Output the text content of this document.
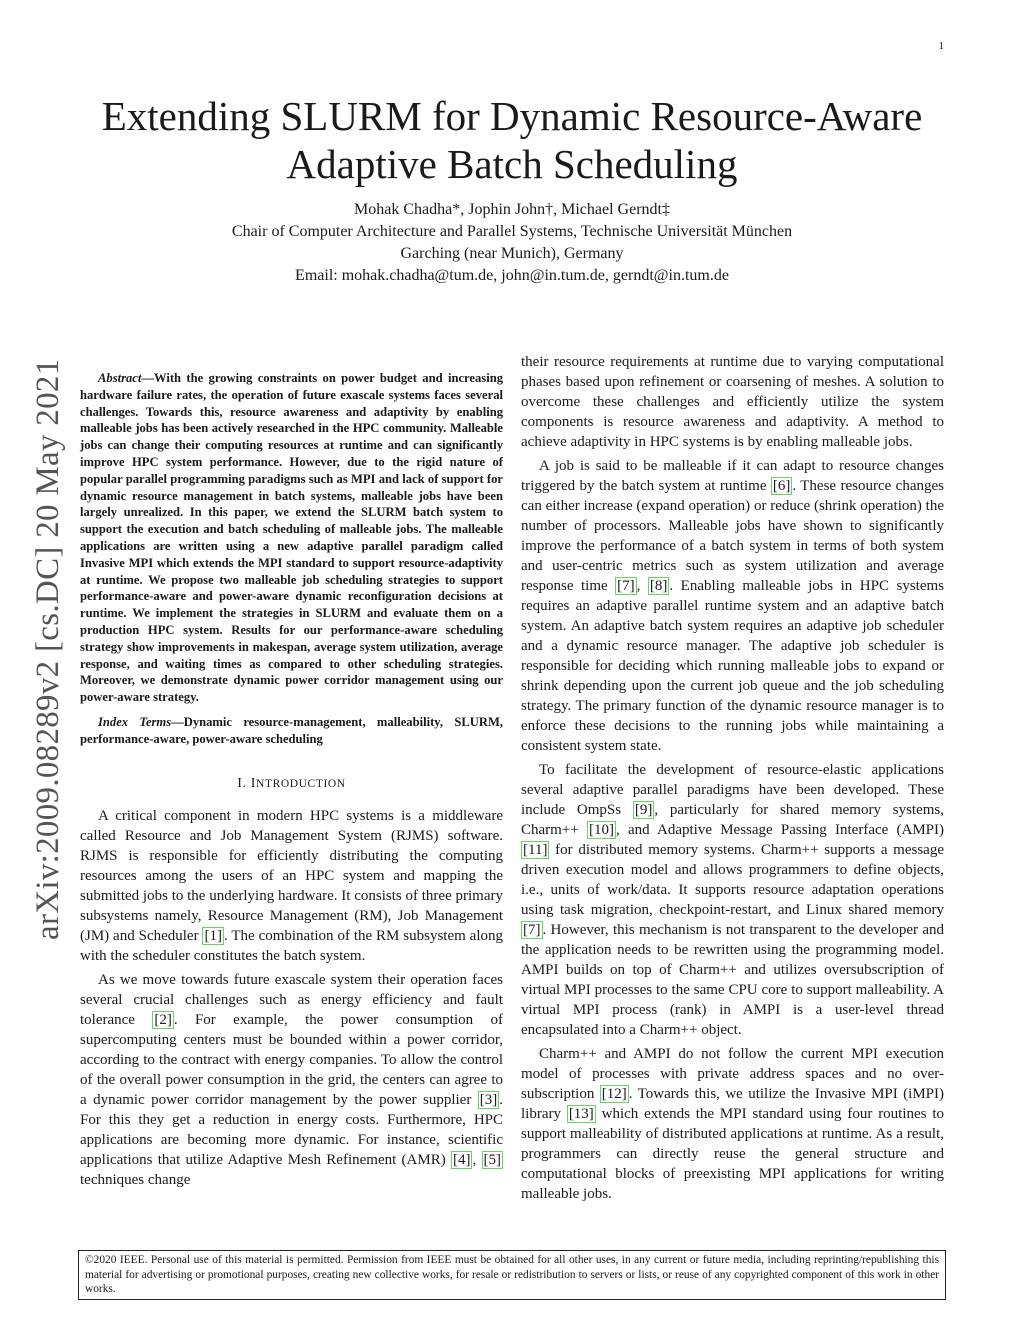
1
arXiv:2009.08289v2 [cs.DC] 20 May 2021
Extending SLURM for Dynamic Resource-Aware
Adaptive Batch Scheduling
Mohak Chadha*, Jophin John†, Michael Gerndt‡
Chair of Computer Architecture and Parallel Systems, Technische Universität München
Garching (near Munich), Germany
Email: mohak.chadha@tum.de, john@in.tum.de, gerndt@in.tum.de

Abstract—With the growing constraints on power budget and increasing hardware failure rates, the operation of future exascale systems faces several challenges. Towards this, resource awareness and adaptivity by enabling malleable jobs has been actively researched in the HPC community. Malleable jobs can change their computing resources at runtime and can significantly improve HPC system performance. However, due to the rigid nature of popular parallel programming paradigms such as MPI and lack of support for dynamic resource management in batch systems, malleable jobs have been largely unrealized. In this paper, we extend the SLURM batch system to support the execution and batch scheduling of malleable jobs. The malleable applications are written using a new adaptive parallel paradigm called Invasive MPI which extends the MPI standard to support resource-adaptivity at runtime. We propose two malleable job scheduling strategies to support performance-aware and power-aware dynamic reconfiguration decisions at runtime. We implement the strategies in SLURM and evaluate them on a production HPC system. Results for our performance-aware scheduling strategy show improvements in makespan, average system utilization, average response, and waiting times as compared to other scheduling strategies. Moreover, we demonstrate dynamic power corridor management using our power-aware strategy.

Index Terms—Dynamic resource-management, malleability, SLURM, performance-aware, power-aware scheduling

I. INTRODUCTION

A critical component in modern HPC systems is a middleware called Resource and Job Management System (RJMS) software. RJMS is responsible for efficiently distributing the computing resources among the users of an HPC system and mapping the submitted jobs to the underlying hardware. It consists of three primary subsystems namely, Resource Management (RM), Job Management (JM) and Scheduler [1] . The combination of the RM subsystem along with the scheduler constitutes the batch system.

As we move towards future exascale system their operation faces several crucial challenges such as energy efficiency and fault tolerance [2] . For example, the power consumption of supercomputing centers must be bounded within a power corridor, according to the contract with energy companies. To allow the control of the overall power consumption in the grid, the centers can agree to a dynamic power corridor management by the power supplier [3] . For this they get a reduction in energy costs. Furthermore, HPC applications are becoming more dynamic. For instance, scientific applications that utilize Adaptive Mesh Refinement (AMR) [4] , [5] techniques change

their resource requirements at runtime due to varying computational phases based upon refinement or coarsening of meshes. A solution to overcome these challenges and efficiently utilize the system components is resource awareness and adaptivity. A method to achieve adaptivity in HPC systems is by enabling malleable jobs.

A job is said to be malleable if it can adapt to resource changes triggered by the batch system at runtime [6] . These resource changes can either increase (expand operation) or reduce (shrink operation) the number of processors. Malleable jobs have shown to significantly improve the performance of a batch system in terms of both system and user-centric metrics such as system utilization and average response time [7] , [8] . Enabling malleable jobs in HPC systems requires an adaptive parallel runtime system and an adaptive batch system. An adaptive batch system requires an adaptive job scheduler and a dynamic resource manager. The adaptive job scheduler is responsible for deciding which running malleable jobs to expand or shrink depending upon the current job queue and the job scheduling strategy. The primary function of the dynamic resource manager is to enforce these decisions to the running jobs while maintaining a consistent system state.

To facilitate the development of resource-elastic applications several adaptive parallel paradigms have been developed. These include OmpSs [9] , particularly for shared memory systems, Charm++ [10] , and Adaptive Message Passing Interface (AMPI) [11] for distributed memory systems. Charm++ supports a message driven execution model and allows programmers to define objects, i.e., units of work/data. It supports resource adaptation operations using task migration, checkpoint-restart, and Linux shared memory [7] . However, this mechanism is not transparent to the developer and the application needs to be rewritten using the programming model. AMPI builds on top of Charm++ and utilizes oversubscription of virtual MPI processes to the same CPU core to support malleability. A virtual MPI process (rank) in AMPI is a user-level thread encapsulated into a Charm++ object.

Charm++ and AMPI do not follow the current MPI execution model of processes with private address spaces and no over-subscription [12] . Towards this, we utilize the Invasive MPI (iMPI) library [13] which extends the MPI standard using four routines to support malleability of distributed applications at runtime. As a result, programmers can directly reuse the general structure and computational blocks of preexisting MPI applications for writing malleable jobs.

©2020 IEEE. Personal use of this material is permitted. Permission from IEEE must be obtained for all other uses, in any current or future media, including reprinting/republishing this material for advertising or promotional purposes, creating new collective works, for resale or redistribution to servers or lists, or reuse of any copyrighted component of this work in other works.
